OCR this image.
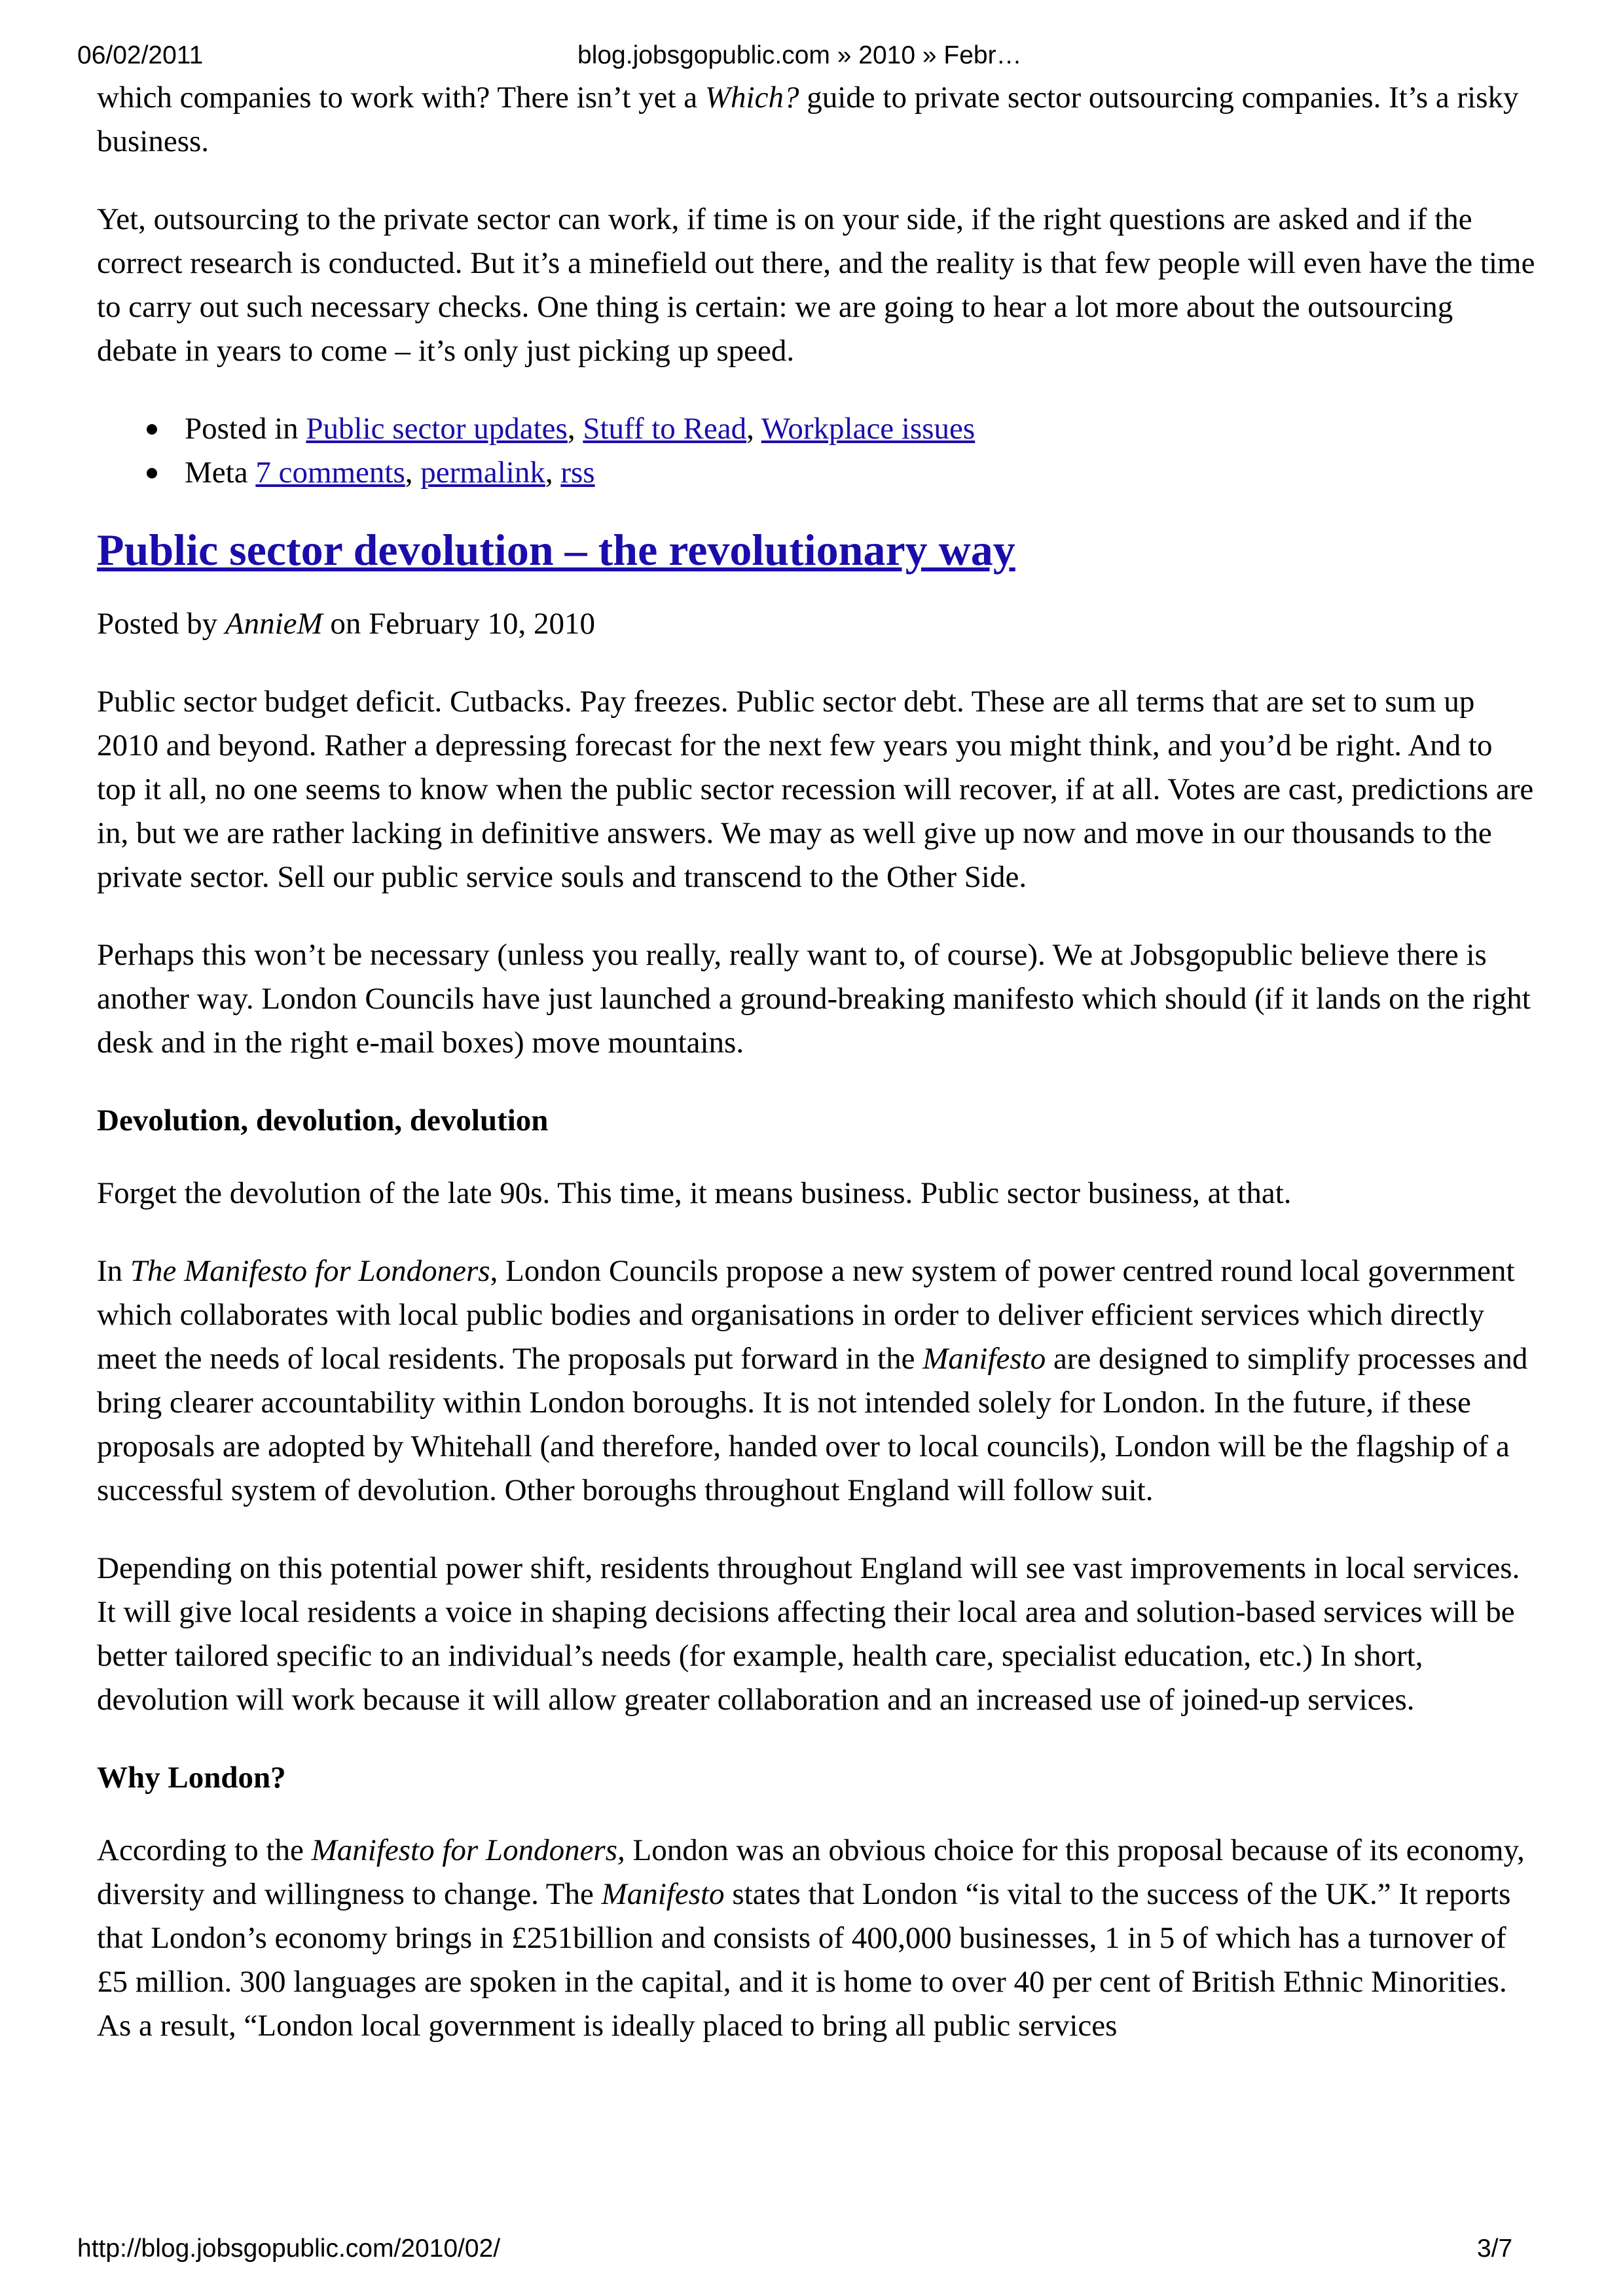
06/02/2011	blog.jobsgopublic.com » 2010 » Febr…

which companies to work with? There isn’t yet a Which? guide to private sector outsourcing companies. It’s a risky business.

Yet, outsourcing to the private sector can work, if time is on your side, if the right questions are asked and if the correct research is conducted. But it’s a minefield out there, and the reality is that few people will even have the time to carry out such necessary checks. One thing is certain: we are going to hear a lot more about the outsourcing debate in years to come – it’s only just picking up speed.

Posted in Public sector updates, Stuff to Read, Workplace issues
Meta 7 comments, permalink, rss
Public sector devolution – the revolutionary way

Posted by AnnieM on February 10, 2010

Public sector budget deficit. Cutbacks. Pay freezes. Public sector debt. These are all terms that are set to sum up 2010 and beyond. Rather a depressing forecast for the next few years you might think, and you’d be right. And to top it all, no one seems to know when the public sector recession will recover, if at all. Votes are cast, predictions are in, but we are rather lacking in definitive answers. We may as well give up now and move in our thousands to the private sector. Sell our public service souls and transcend to the Other Side.

Perhaps this won’t be necessary (unless you really, really want to, of course). We at Jobsgopublic believe there is another way. London Councils have just launched a ground-breaking manifesto which should (if it lands on the right desk and in the right e-mail boxes) move mountains.

Devolution, devolution, devolution

Forget the devolution of the late 90s. This time, it means business. Public sector business, at that.

In The Manifesto for Londoners, London Councils propose a new system of power centred round local government which collaborates with local public bodies and organisations in order to deliver efficient services which directly meet the needs of local residents. The proposals put forward in the Manifesto are designed to simplify processes and bring clearer accountability within London boroughs. It is not intended solely for London. In the future, if these proposals are adopted by Whitehall (and therefore, handed over to local councils), London will be the flagship of a successful system of devolution. Other boroughs throughout England will follow suit.

Depending on this potential power shift, residents throughout England will see vast improvements in local services. It will give local residents a voice in shaping decisions affecting their local area and solution-based services will be better tailored specific to an individual’s needs (for example, health care, specialist education, etc.) In short, devolution will work because it will allow greater collaboration and an increased use of joined-up services.

Why London?

According to the Manifesto for Londoners, London was an obvious choice for this proposal because of its economy, diversity and willingness to change. The Manifesto states that London “is vital to the success of the UK.” It reports that London’s economy brings in £251billion and consists of 400,000 businesses, 1 in 5 of which has a turnover of £5 million. 300 languages are spoken in the capital, and it is home to over 40 per cent of British Ethnic Minorities. As a result, “London local government is ideally placed to bring all public services

http://blog.jobsgopublic.com/2010/02/	3/7
